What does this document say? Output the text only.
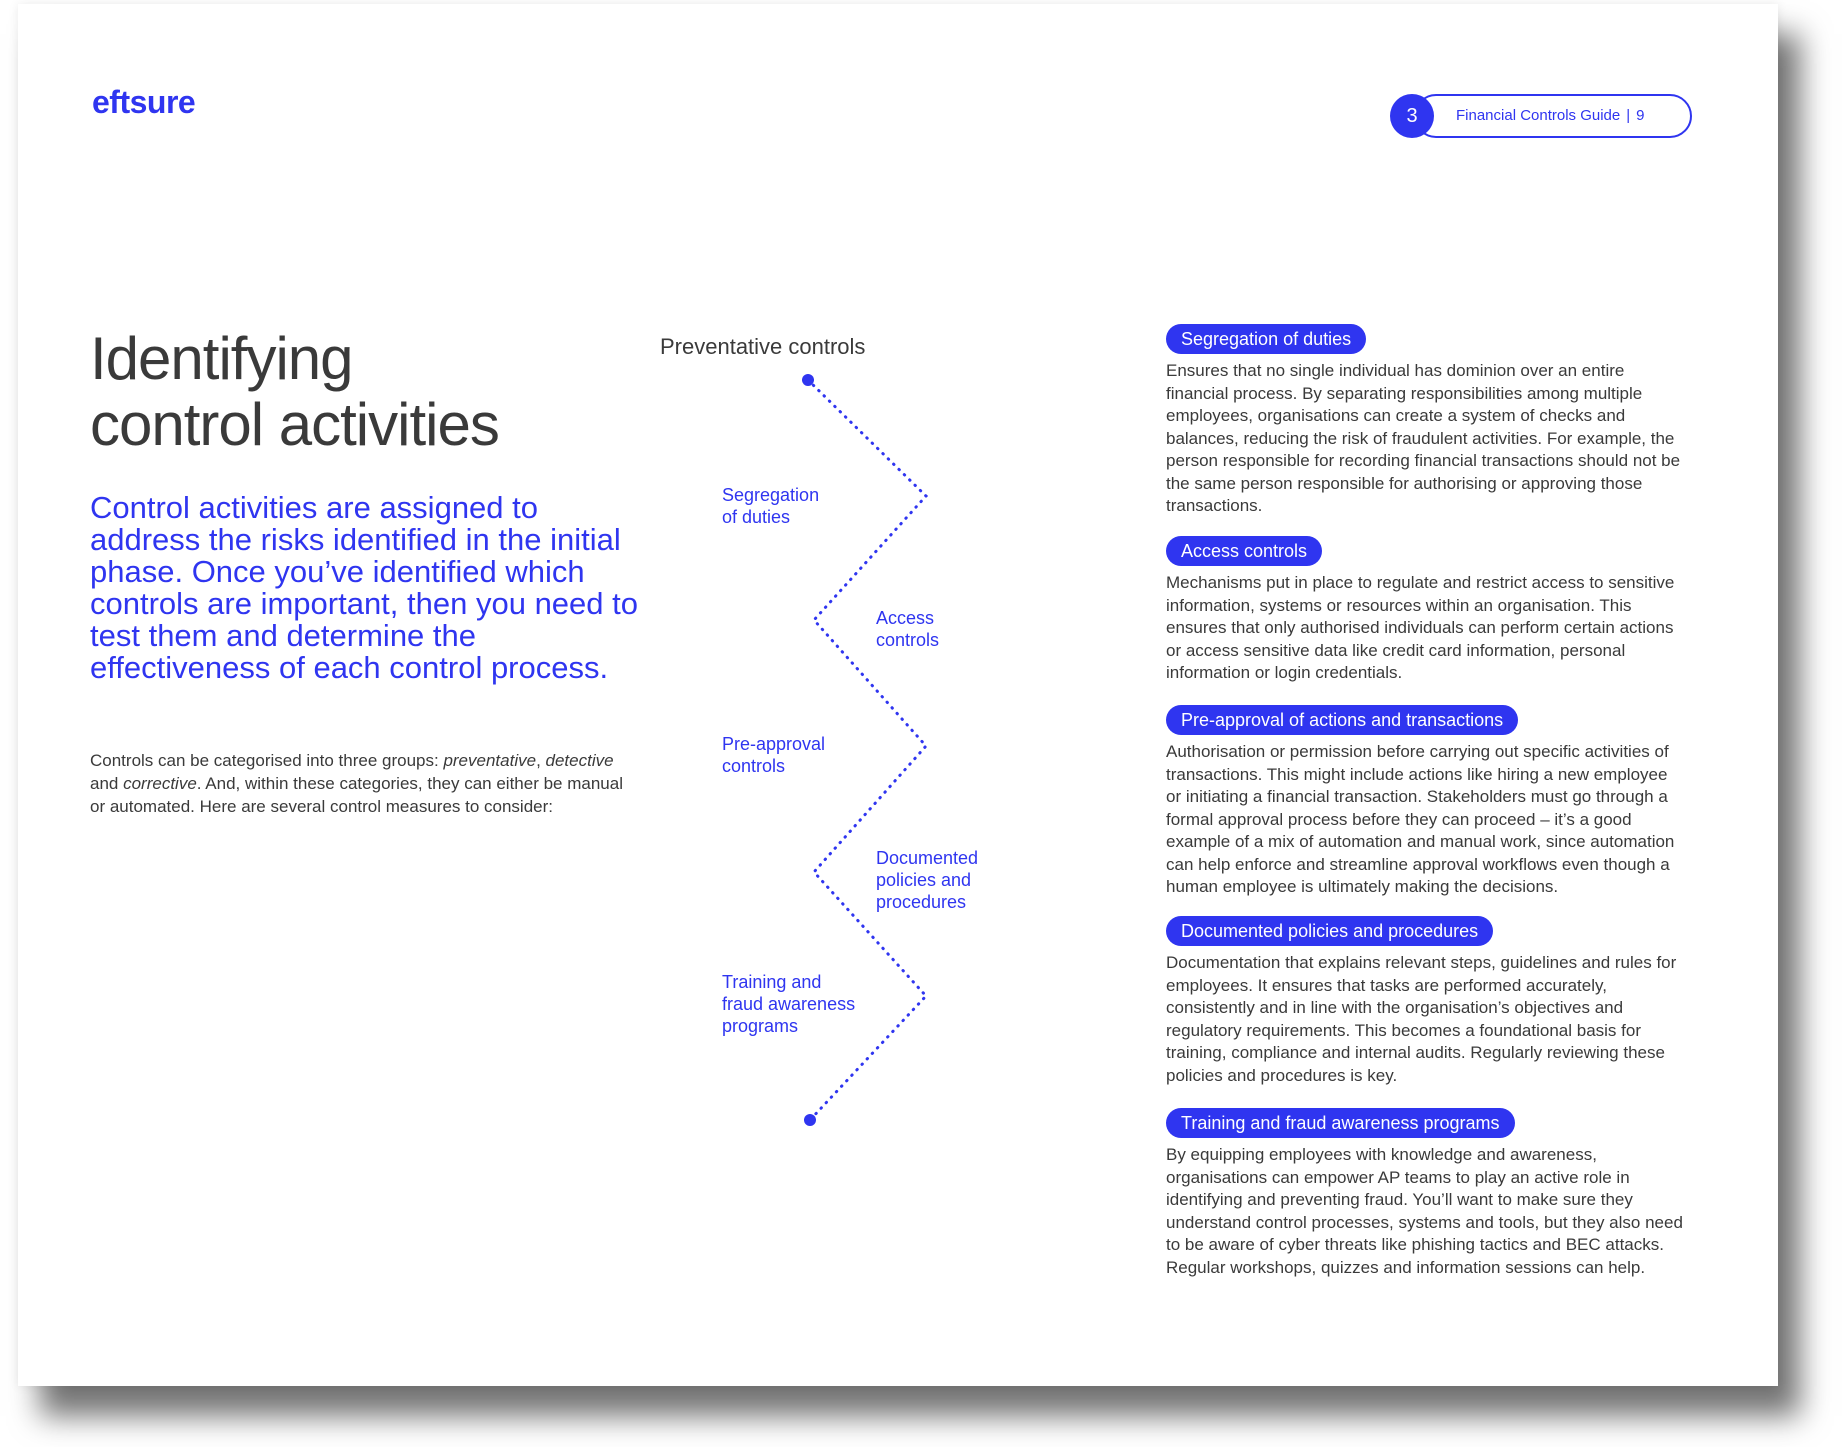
eftsure	3	Financial Controls Guide | 9
Identifying
control activities

Control activities are assigned to address the risks identified in the initial phase. Once you’ve identified which controls are important, then you need to test them and determine the effectiveness of each control process.

Controls can be categorised into three groups: preventative, detective and corrective. And, within these categories, they can either be manual or automated. Here are several control measures to consider:

Preventative controls
Segregation
of duties
Access
controls
Pre-approval
controls
Documented
policies and
procedures
Training and
fraud awareness
programs
Segregation of duties

Ensures that no single individual has dominion over an entire financial process. By separating responsibilities among multiple employees, organisations can create a system of checks and balances, reducing the risk of fraudulent activities. For example, the person responsible for recording financial transactions should not be the same person responsible for authorising or approving those transactions.

Access controls

Mechanisms put in place to regulate and restrict access to sensitive information, systems or resources within an organisation. This ensures that only authorised individuals can perform certain actions or access sensitive data like credit card information, personal information or login credentials.

Pre-approval of actions and transactions

Authorisation or permission before carrying out specific activities of transactions. This might include actions like hiring a new employee or initiating a financial transaction. Stakeholders must go through a formal approval process before they can proceed – it’s a good example of a mix of automation and manual work, since automation can help enforce and streamline approval workflows even though a human employee is ultimately making the decisions.

Documented policies and procedures

Documentation that explains relevant steps, guidelines and rules for employees. It ensures that tasks are performed accurately, consistently and in line with the organisation’s objectives and regulatory requirements. This becomes a foundational basis for training, compliance and internal audits. Regularly reviewing these policies and procedures is key.

Training and fraud awareness programs

By equipping employees with knowledge and awareness, organisations can empower AP teams to play an active role in identifying and preventing fraud. You’ll want to make sure they understand control processes, systems and tools, but they also need to be aware of cyber threats like phishing tactics and BEC attacks. Regular workshops, quizzes and information sessions can help.
